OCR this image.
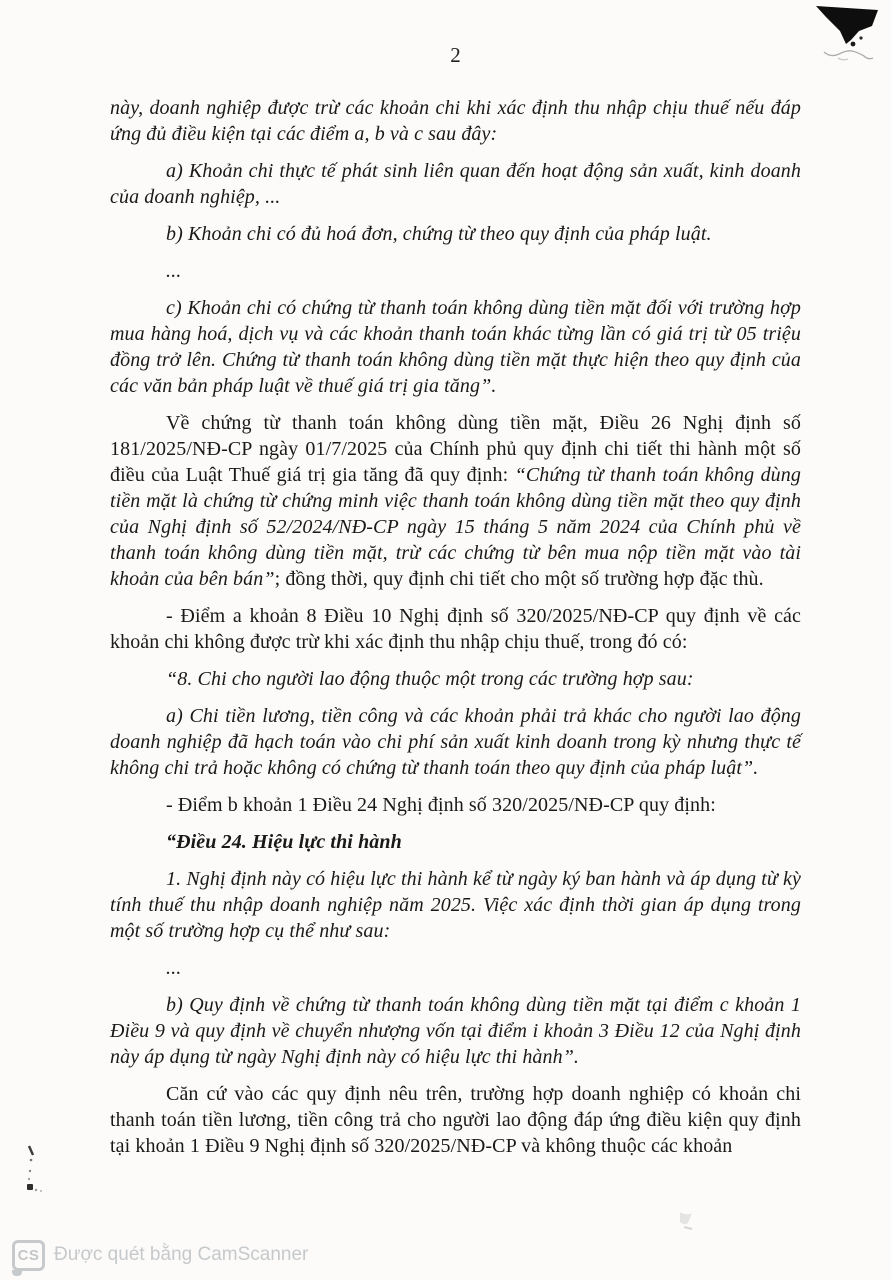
2

này, doanh nghiệp được trừ các khoản chi khi xác định thu nhập chịu thuế nếu đáp ứng đủ điều kiện tại các điểm a, b và c sau đây:

a) Khoản chi thực tế phát sinh liên quan đến hoạt động sản xuất, kinh doanh của doanh nghiệp, ...

b) Khoản chi có đủ hoá đơn, chứng từ theo quy định của pháp luật.

...

c) Khoản chi có chứng từ thanh toán không dùng tiền mặt đối với trường hợp mua hàng hoá, dịch vụ và các khoản thanh toán khác từng lần có giá trị từ 05 triệu đồng trở lên. Chứng từ thanh toán không dùng tiền mặt thực hiện theo quy định của các văn bản pháp luật về thuế giá trị gia tăng”.

Về chứng từ thanh toán không dùng tiền mặt, Điều 26 Nghị định số 181/2025/NĐ-CP ngày 01/7/2025 của Chính phủ quy định chi tiết thi hành một số điều của Luật Thuế giá trị gia tăng đã quy định: “Chứng từ thanh toán không dùng tiền mặt là chứng từ chứng minh việc thanh toán không dùng tiền mặt theo quy định của Nghị định số 52/2024/NĐ-CP ngày 15 tháng 5 năm 2024 của Chính phủ về thanh toán không dùng tiền mặt, trừ các chứng từ bên mua nộp tiền mặt vào tài khoản của bên bán”; đồng thời, quy định chi tiết cho một số trường hợp đặc thù.

- Điểm a khoản 8 Điều 10 Nghị định số 320/2025/NĐ-CP quy định về các khoản chi không được trừ khi xác định thu nhập chịu thuế, trong đó có:

“8. Chi cho người lao động thuộc một trong các trường hợp sau:

a) Chi tiền lương, tiền công và các khoản phải trả khác cho người lao động doanh nghiệp đã hạch toán vào chi phí sản xuất kinh doanh trong kỳ nhưng thực tế không chi trả hoặc không có chứng từ thanh toán theo quy định của pháp luật”.

- Điểm b khoản 1 Điều 24 Nghị định số 320/2025/NĐ-CP quy định:

“Điều 24. Hiệu lực thi hành

1. Nghị định này có hiệu lực thi hành kể từ ngày ký ban hành và áp dụng từ kỳ tính thuế thu nhập doanh nghiệp năm 2025. Việc xác định thời gian áp dụng trong một số trường hợp cụ thể như sau:

...

b) Quy định về chứng từ thanh toán không dùng tiền mặt tại điểm c khoản 1 Điều 9 và quy định về chuyển nhượng vốn tại điểm i khoản 3 Điều 12 của Nghị định này áp dụng từ ngày Nghị định này có hiệu lực thi hành”.

Căn cứ vào các quy định nêu trên, trường hợp doanh nghiệp có khoản chi thanh toán tiền lương, tiền công trả cho người lao động đáp ứng điều kiện quy định tại khoản 1 Điều 9 Nghị định số 320/2025/NĐ-CP và không thuộc các khoản

CS Được quét bằng CamScanner
